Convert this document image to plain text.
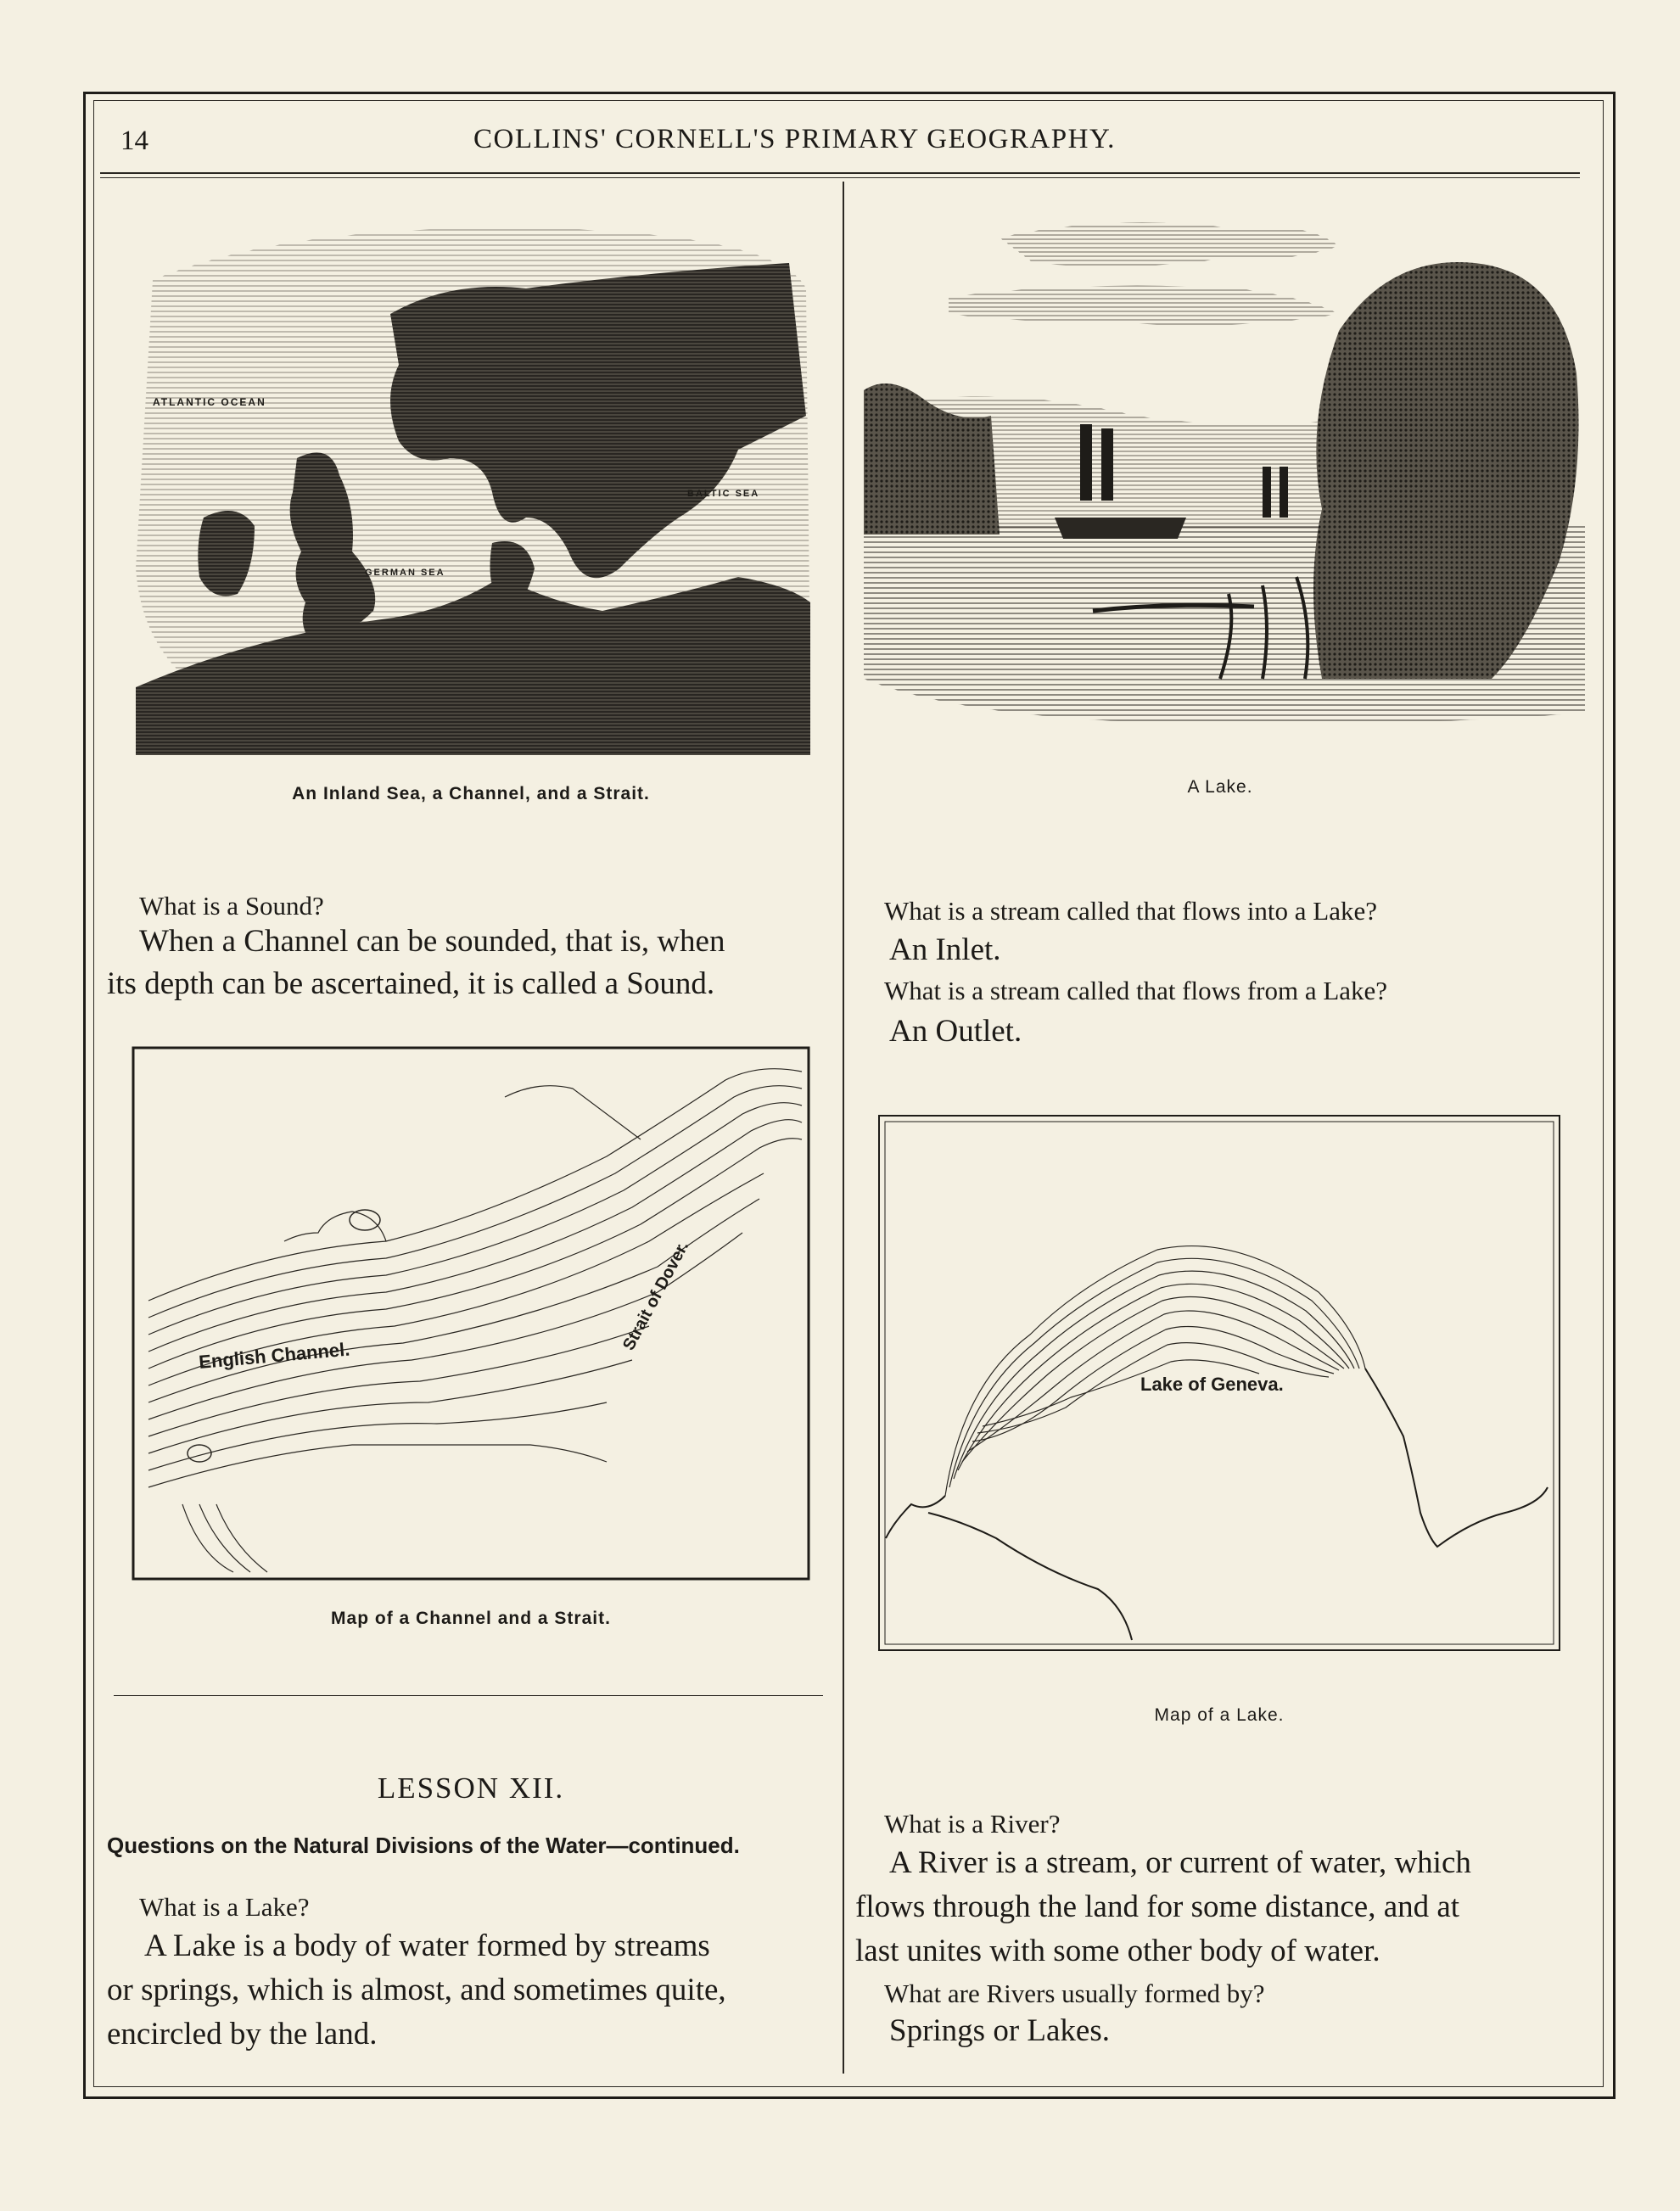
14	COLLINS' CORNELL'S PRIMARY GEOGRAPHY.
ATLANTIC OCEAN
BALTIC SEA
GERMAN SEA
An Inland Sea, a Channel, and a Strait.
What is a Sound?
When a Channel can be sounded, that is, when
its depth can be ascertained, it is called a Sound.
English Channel.
Strait of Dover.
Map of a Channel and a Strait.
LESSON XII.
Questions on the Natural Divisions of the Water—continued.
What is a Lake?
A Lake is a body of water formed by streams
or springs, which is almost, and sometimes quite,
encircled by the land.
A Lake.
What is a stream called that flows into a Lake?
An Inlet.
What is a stream called that flows from a Lake?
An Outlet.
Lake of Geneva.
Map of a Lake.
What is a River?
A River is a stream, or current of water, which
flows through the land for some distance, and at
last unites with some other body of water.
What are Rivers usually formed by?
Springs or Lakes.
